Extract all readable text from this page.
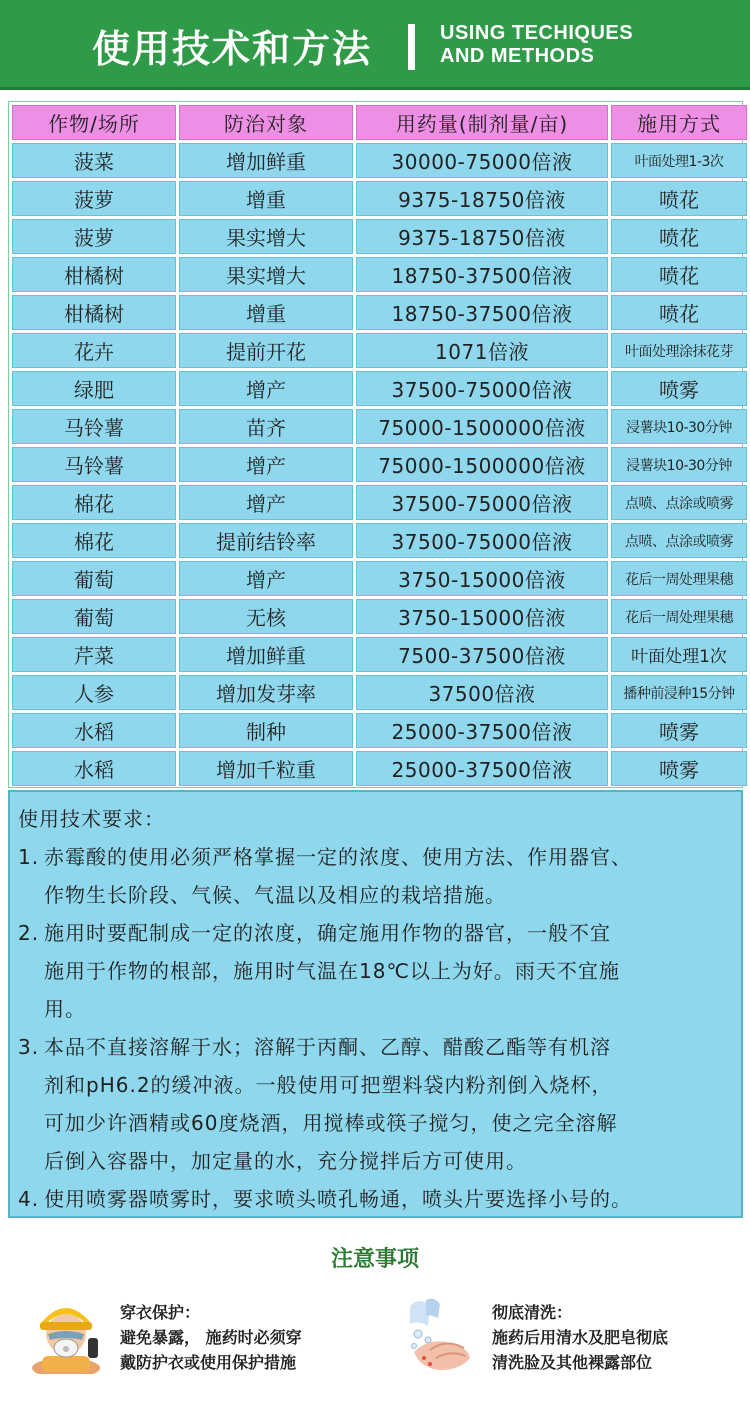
使用技术和方法	USING TECHIQUES
AND METHODS
作物/场所	防治对象	用药量(制剂量/亩)	施用方式
菠菜	增加鲜重	30000-75000倍液	叶面处理1-3次
菠萝	增重	9375-18750倍液	喷花
菠萝	果实增大	9375-18750倍液	喷花
柑橘树	果实增大	18750-37500倍液	喷花
柑橘树	增重	18750-37500倍液	喷花
花卉	提前开花	1071倍液	叶面处理涂抹花芽
绿肥	增产	37500-75000倍液	喷雾
马铃薯	苗齐	75000-1500000倍液	浸薯块10-30分钟
马铃薯	增产	75000-1500000倍液	浸薯块10-30分钟
棉花	增产	37500-75000倍液	点喷、点涂或喷雾
棉花	提前结铃率	37500-75000倍液	点喷、点涂或喷雾
葡萄	增产	3750-15000倍液	花后一周处理果穗
葡萄	无核	3750-15000倍液	花后一周处理果穗
芹菜	增加鲜重	7500-37500倍液	叶面处理1次
人参	增加发芽率	37500倍液	播种前浸种15分钟
水稻	制种	25000-37500倍液	喷雾
水稻	增加千粒重	25000-37500倍液	喷雾
使用技术要求：
1. 赤霉酸的使用必须严格掌握一定的浓度、使用方法、作用器官、
作物生长阶段、气候、气温以及相应的栽培措施。
2. 施用时要配制成一定的浓度，确定施用作物的器官，一般不宜
施用于作物的根部，施用时气温在18℃以上为好。雨天不宜施
用。
3. 本品不直接溶解于水；溶解于丙酮、乙醇、醋酸乙酯等有机溶
剂和pH6.2的缓冲液。一般使用可把塑料袋内粉剂倒入烧杯，
可加少许酒精或60度烧酒，用搅棒或筷子搅匀，使之完全溶解
后倒入容器中，加定量的水，充分搅拌后方可使用。
4. 使用喷雾器喷雾时，要求喷头喷孔畅通，喷头片要选择小号的。
注意事项
穿衣保护：
避免暴露， 施药时必须穿
戴防护衣或使用保护措施
彻底清洗：
施药后用清水及肥皂彻底
清洗脸及其他裸露部位
